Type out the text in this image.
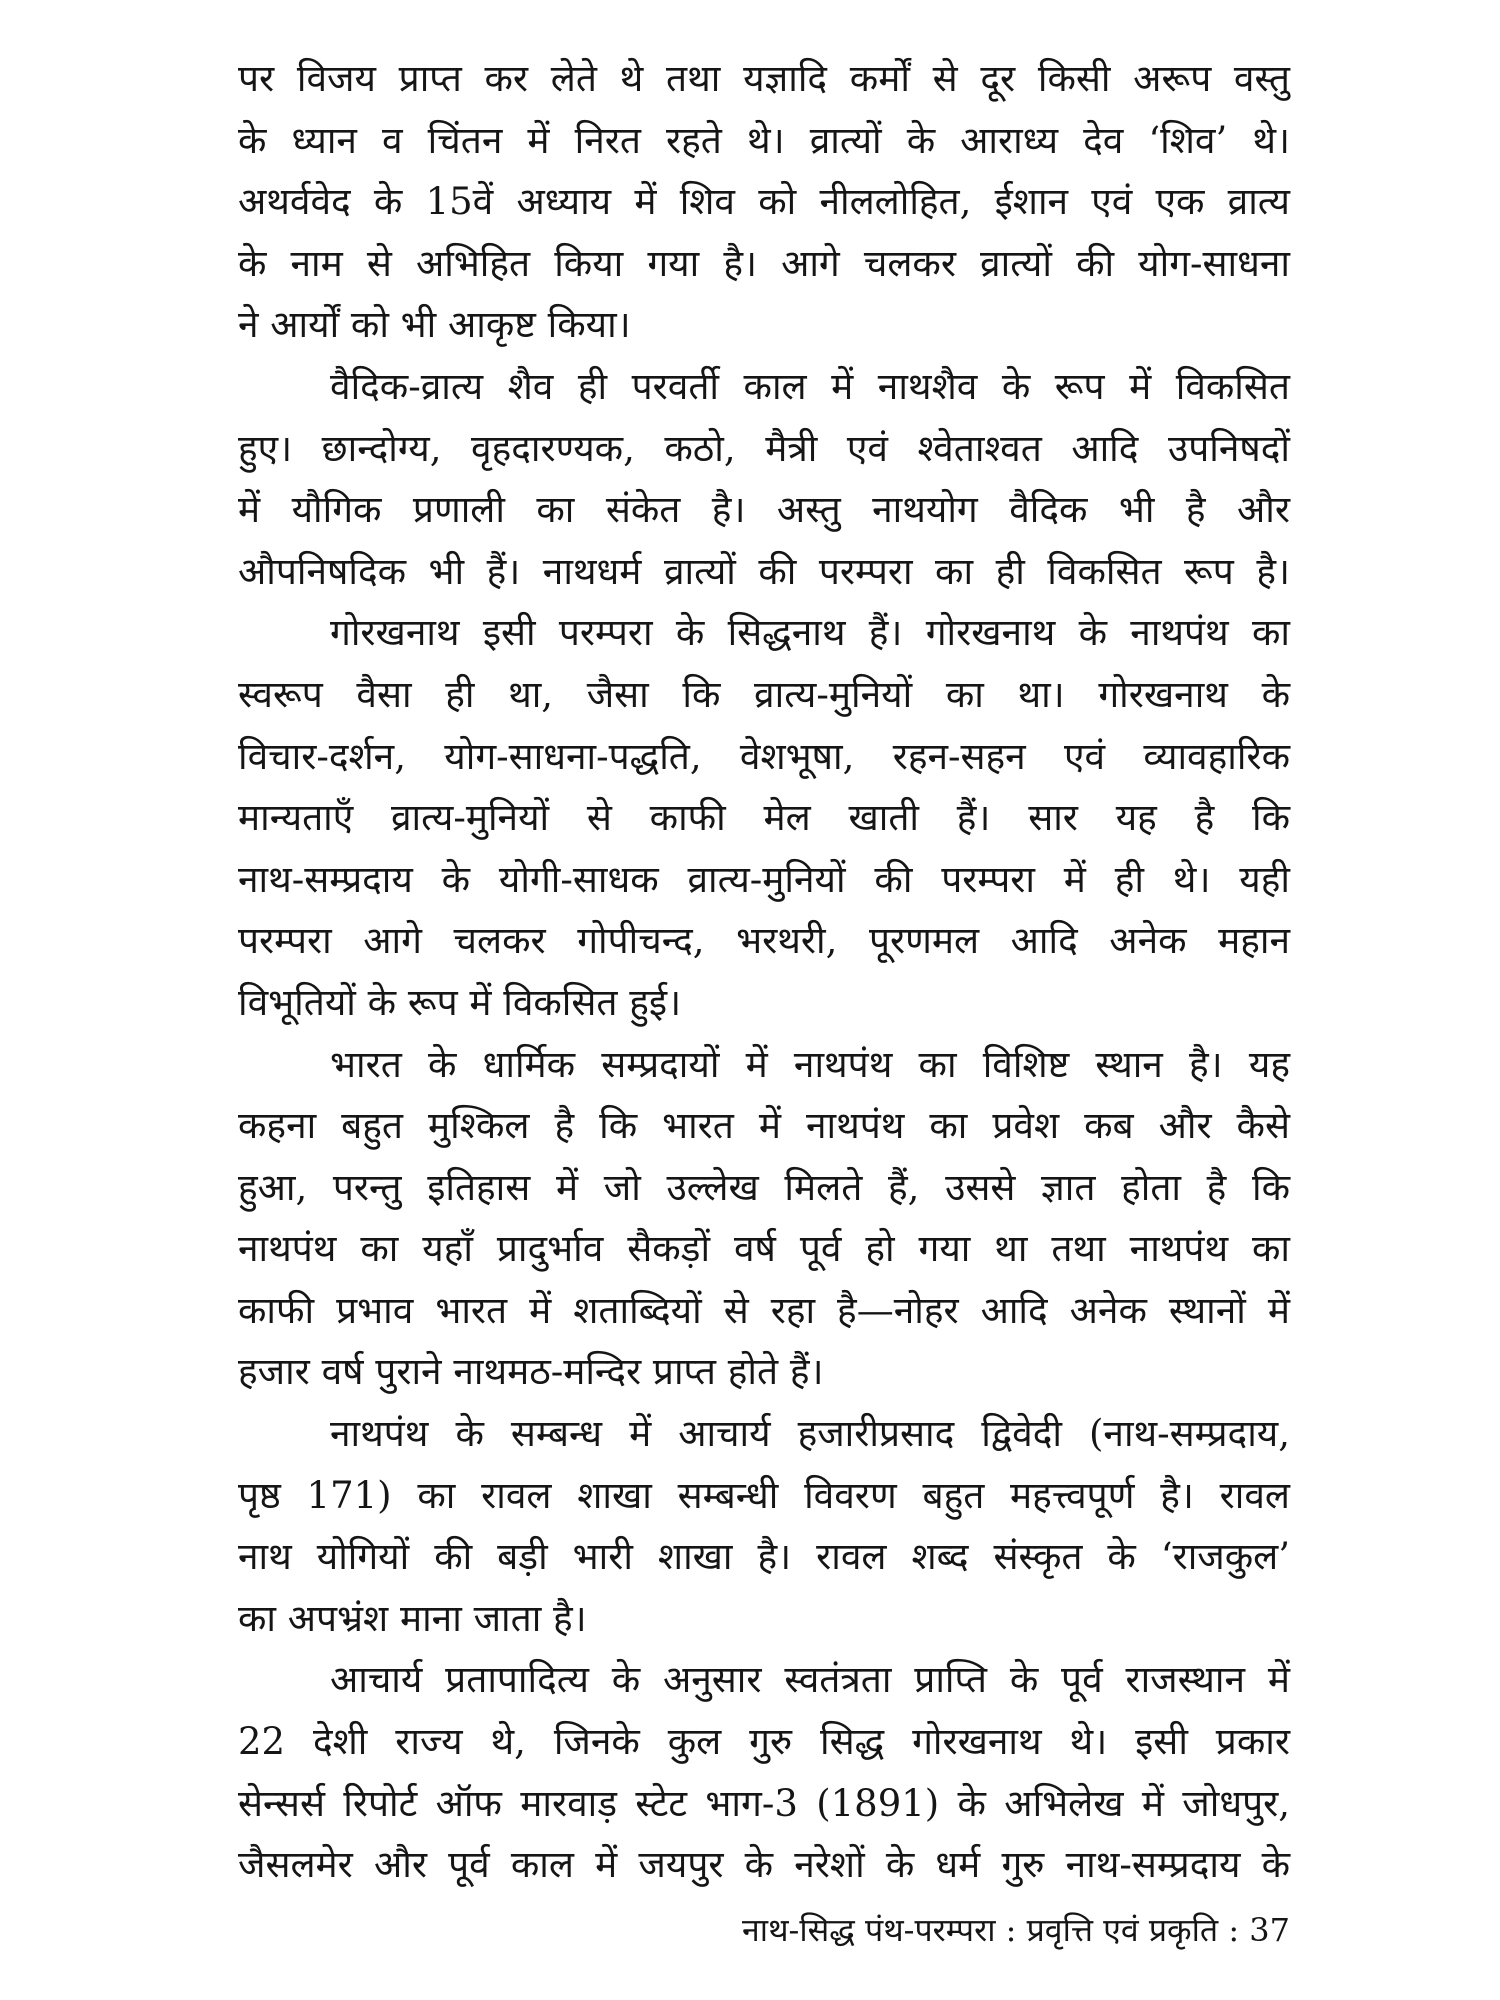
पर विजय प्राप्त कर लेते थे तथा यज्ञादि कर्मों से दूर किसी अरूप वस्तु
के ध्यान व चिंतन में निरत रहते थे। व्रात्यों के आराध्य देव ‘शिव’ थे।
अथर्ववेद के 15वें अध्याय में शिव को नीललोहित, ईशान एवं एक व्रात्य
के नाम से अभिहित किया गया है। आगे चलकर व्रात्यों की योग-साधना
ने आर्यों को भी आकृष्ट किया।
वैदिक-व्रात्य शैव ही परवर्ती काल में नाथशैव के रूप में विकसित
हुए। छान्दोग्य, वृहदारण्यक, कठो, मैत्री एवं श्वेताश्वत आदि उपनिषदों
में यौगिक प्रणाली का संकेत है। अस्तु नाथयोग वैदिक भी है और
औपनिषदिक भी हैं। नाथधर्म व्रात्यों की परम्परा का ही विकसित रूप है।
गोरखनाथ इसी परम्परा के सिद्धनाथ हैं। गोरखनाथ के नाथपंथ का
स्वरूप वैसा ही था, जैसा कि व्रात्य-मुनियों का था। गोरखनाथ के
विचार-दर्शन, योग-साधना-पद्धति, वेशभूषा, रहन-सहन एवं व्यावहारिक
मान्यताएँ व्रात्य-मुनियों से काफी मेल खाती हैं। सार यह है कि
नाथ-सम्प्रदाय के योगी-साधक व्रात्य-मुनियों की परम्परा में ही थे। यही
परम्परा आगे चलकर गोपीचन्द, भरथरी, पूरणमल आदि अनेक महान
विभूतियों के रूप में विकसित हुई।
भारत के धार्मिक सम्प्रदायों में नाथपंथ का विशिष्ट स्थान है। यह
कहना बहुत मुश्किल है कि भारत में नाथपंथ का प्रवेश कब और कैसे
हुआ, परन्तु इतिहास में जो उल्लेख मिलते हैं, उससे ज्ञात होता है कि
नाथपंथ का यहाँ प्रादुर्भाव सैकड़ों वर्ष पूर्व हो गया था तथा नाथपंथ का
काफी प्रभाव भारत में शताब्दियों से रहा है—नोहर आदि अनेक स्थानों में
हजार वर्ष पुराने नाथमठ-मन्दिर प्राप्त होते हैं।
नाथपंथ के सम्बन्ध में आचार्य हजारीप्रसाद द्विवेदी (नाथ-सम्प्रदाय,
पृष्ठ 171) का रावल शाखा सम्बन्धी विवरण बहुत महत्त्वपूर्ण है। रावल
नाथ योगियों की बड़ी भारी शाखा है। रावल शब्द संस्कृत के ‘राजकुल’
का अपभ्रंश माना जाता है।
आचार्य प्रतापादित्य के अनुसार स्वतंत्रता प्राप्ति के पूर्व राजस्थान में
22 देशी राज्य थे, जिनके कुल गुरु सिद्ध गोरखनाथ थे। इसी प्रकार
सेन्सर्स रिपोर्ट ऑफ मारवाड़ स्टेट भाग-3 (1891) के अभिलेख में जोधपुर,
जैसलमेर और पूर्व काल में जयपुर के नरेशों के धर्म गुरु नाथ-सम्प्रदाय के
नाथ-सिद्ध पंथ-परम्परा : प्रवृत्ति एवं प्रकृति : 37
